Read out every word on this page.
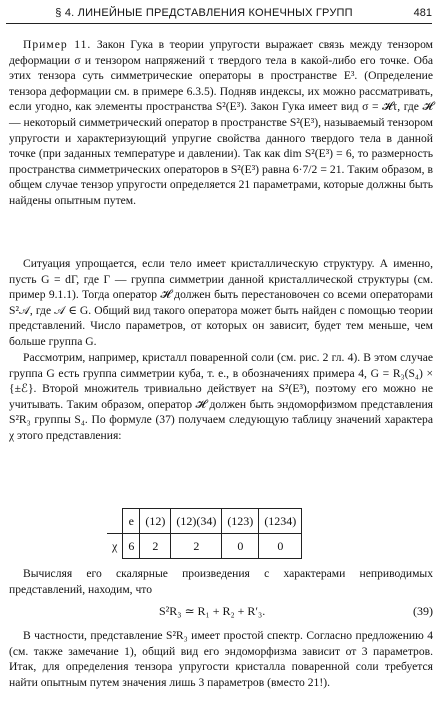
§ 4. ЛИНЕЙНЫЕ ПРЕДСТАВЛЕНИЯ КОНЕЧНЫХ ГРУПП	481

Пример 11. Закон Гука в теории упругости выражает связь между тензором деформации σ и тензором напряжений τ твердого тела в какой-либо его точке. Оба этих тензора суть симметрические операторы в пространстве E³. (Определение тензора деформации см. в примере 6.3.5). Подняв индексы, их можно рассматривать, если угодно, как элементы пространства S²(E³). Закон Гука имеет вид σ = 𝓗τ, где 𝓗 — некоторый симметрический оператор в пространстве S²(E³), называемый тензором упругости и характеризующий упругие свойства данного твердого тела в данной точке (при заданных температуре и давлении). Так как dim S²(E³) = 6, то размерность пространства симметрических операторов в S²(E³) равна 6·7/2 = 21. Таким образом, в общем случае тензор упругости определяется 21 параметрами, которые должны быть найдены опытным путем.

Ситуация упрощается, если тело имеет кристаллическую структуру. А именно, пусть G = dΓ, где Γ — группа симметрии данной кристаллической структуры (см. пример 9.1.1). Тогда оператор 𝓗 должен быть перестановочен со всеми операторами S²𝒜, где 𝒜 ∈ G. Общий вид такого оператора может быть найден с помощью теории представлений. Число параметров, от которых он зависит, будет тем меньше, чем больше группа G.

Рассмотрим, например, кристалл поваренной соли (см. рис. 2 гл. 4). В этом случае группа G есть группа симметрии куба, т. е., в обозначениях примера 4, G = R₃(S₄) × {±ℰ}. Второй множитель тривиально действует на S²(E³), поэтому его можно не учитывать. Таким образом, оператор 𝓗 должен быть эндоморфизмом представления S²R₃ группы S₄. По формуле (37) получаем следующую таблицу значений характера χ этого представления:

	e	(12)	(12)(34)	(123)	(1234)
χ	6	2	2	0	0

Вычисляя его скалярные произведения с характерами неприводимых представлений, находим, что

S²R₃ ≃ R₁ + R₂ + R′₃.	(39)

В частности, представление S²R₃ имеет простой спектр. Согласно предложению 4 (см. также замечание 1), общий вид его эндоморфизма зависит от 3 параметров. Итак, для определения тензора упругости кристалла поваренной соли требуется найти опытным путем значения лишь 3 параметров (вместо 21!).
